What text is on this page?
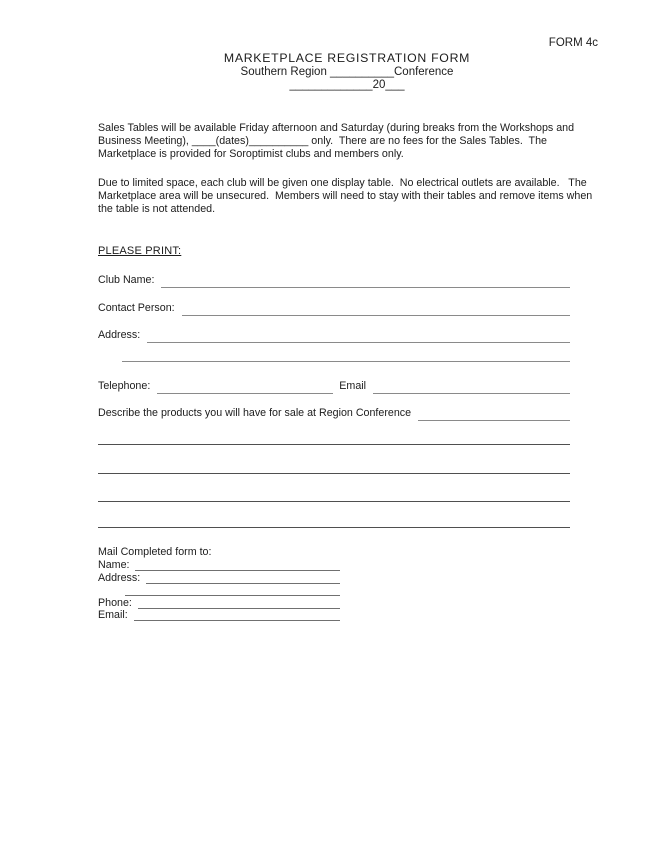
FORM 4c
MARKETPLACE REGISTRATION FORM
Southern Region __________Conference
_____________20___

Sales Tables will be available Friday afternoon and Saturday (during breaks from the Workshops and
Business Meeting), ____(dates)__________ only.  There are no fees for the Sales Tables.  The
Marketplace is provided for Soroptimist clubs and members only.

Due to limited space, each club will be given one display table.  No electrical outlets are available.   The
Marketplace area will be unsecured.  Members will need to stay with their tables and remove items when
the table is not attended.

PLEASE PRINT:
Club Name:
Contact Person:
Address:
Telephone:	Email
Describe the products you will have for sale at Region Conference
Mail Completed form to:
Name:
Address:
Phone:
Email:
